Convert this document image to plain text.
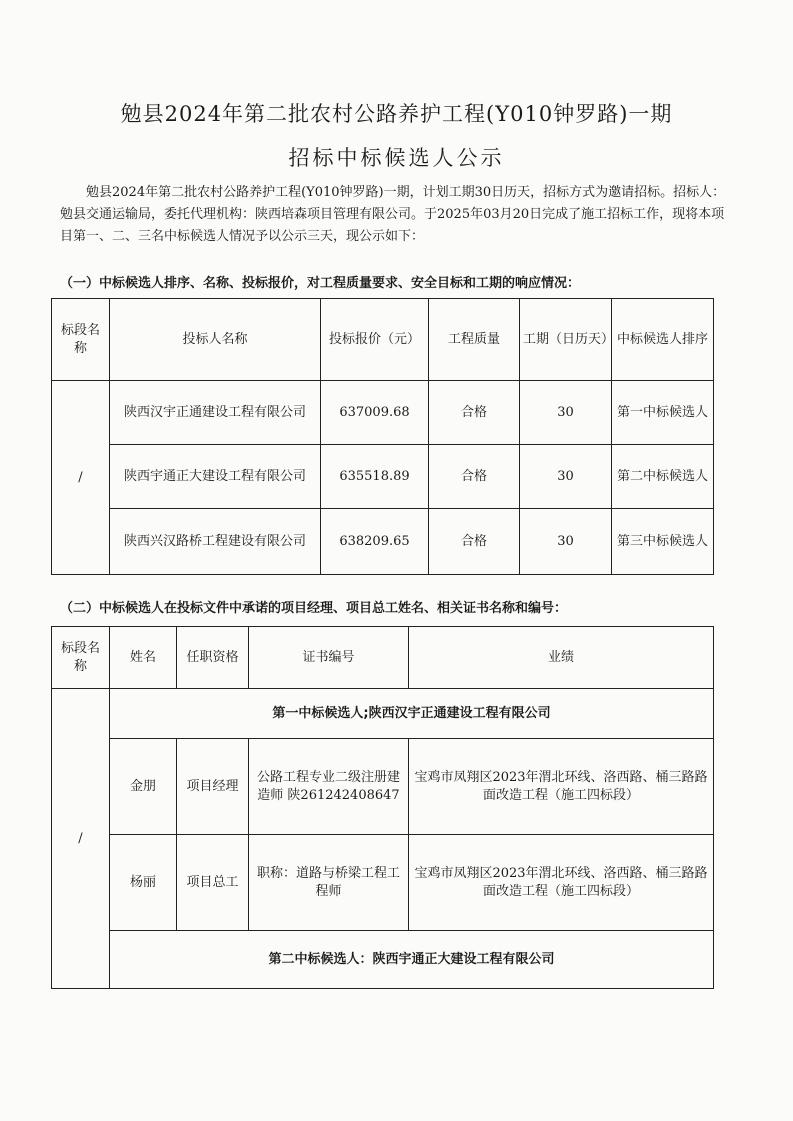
勉县2024年第二批农村公路养护工程(Y010钟罗路)一期
招标中标候选人公示
勉县2024年第二批农村公路养护工程(Y010钟罗路)一期，计划工期30日历天，招标方式为邀请招标。招标人：勉县交通运输局，委托代理机构：陕西培森项目管理有限公司。于2025年03月20日完成了施工招标工作，现将本项目第一、二、三名中标候选人情况予以公示三天，现公示如下：
（一）中标候选人排序、名称、投标报价，对工程质量要求、安全目标和工期的响应情况：
标段名称	投标人名称	投标报价（元）	工程质量	工期（日历天）	中标候选人排序
/	陕西汉宇正通建设工程有限公司	637009.68	合格	30	第一中标候选人
	陕西宇通正大建设工程有限公司	635518.89	合格	30	第二中标候选人
	陕西兴汉路桥工程建设有限公司	638209.65	合格	30	第三中标候选人
（二）中标候选人在投标文件中承诺的项目经理、项目总工姓名、相关证书名称和编号：
标段名称	姓名	任职资格	证书编号	业绩
/	第一中标候选人;陕西汉宇正通建设工程有限公司			
	金朋	项目经理	公路工程专业二级注册建造师 陕261242408647	宝鸡市凤翔区2023年渭北环线、洛西路、桶三路路面改造工程（施工四标段）
	杨丽	项目总工	职称：道路与桥梁工程工程师	宝鸡市凤翔区2023年渭北环线、洛西路、桶三路路面改造工程（施工四标段）
	第二中标候选人：陕西宇通正大建设工程有限公司			
